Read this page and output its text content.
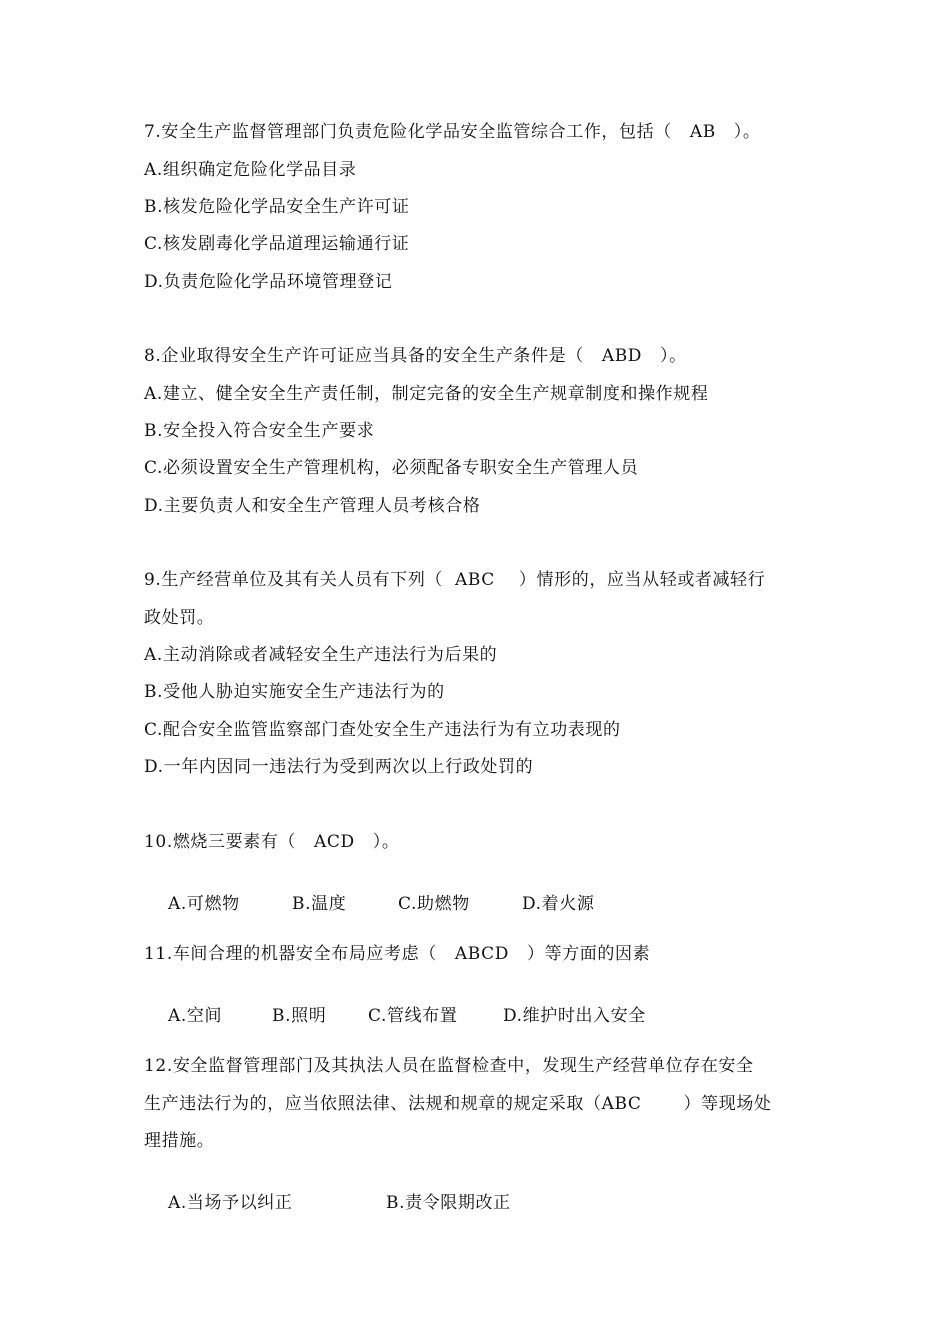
7.安全生产监督管理部门负责危险化学品安全监管综合工作，包括（   AB   ）。
A.组织确定危险化学品目录
B.核发危险化学品安全生产许可证
C.核发剧毒化学品道理运输通行证
D.负责危险化学品环境管理登记
8.企业取得安全生产许可证应当具备的安全生产条件是（   ABD   ）。
A.建立、健全安全生产责任制，制定完备的安全生产规章制度和操作规程
B.安全投入符合安全生产要求
C.必须设置安全生产管理机构，必须配备专职安全生产管理人员
D.主要负责人和安全生产管理人员考核合格
9.生产经营单位及其有关人员有下列（  ABC    ）情形的，应当从轻或者减轻行
政处罚。
A.主动消除或者减轻安全生产违法行为后果的
B.受他人胁迫实施安全生产违法行为的
C.配合安全监管监察部门查处安全生产违法行为有立功表现的
D.一年内因同一违法行为受到两次以上行政处罚的
10.燃烧三要素有（   ACD   ）。

A.可燃物	B.温度	C.助燃物	D.着火源

11.车间合理的机器安全布局应考虑（   ABCD   ）等方面的因素

A.空间	B.照明 C.管线布置	D.维护时出入安全

12.安全监督管理部门及其执法人员在监督检查中，发现生产经营单位存在安全
生产违法行为的，应当依照法律、法规和规章的规定采取（ABC       ）等现场处
理措施。

A.当场予以纠正	B.责令限期改正
